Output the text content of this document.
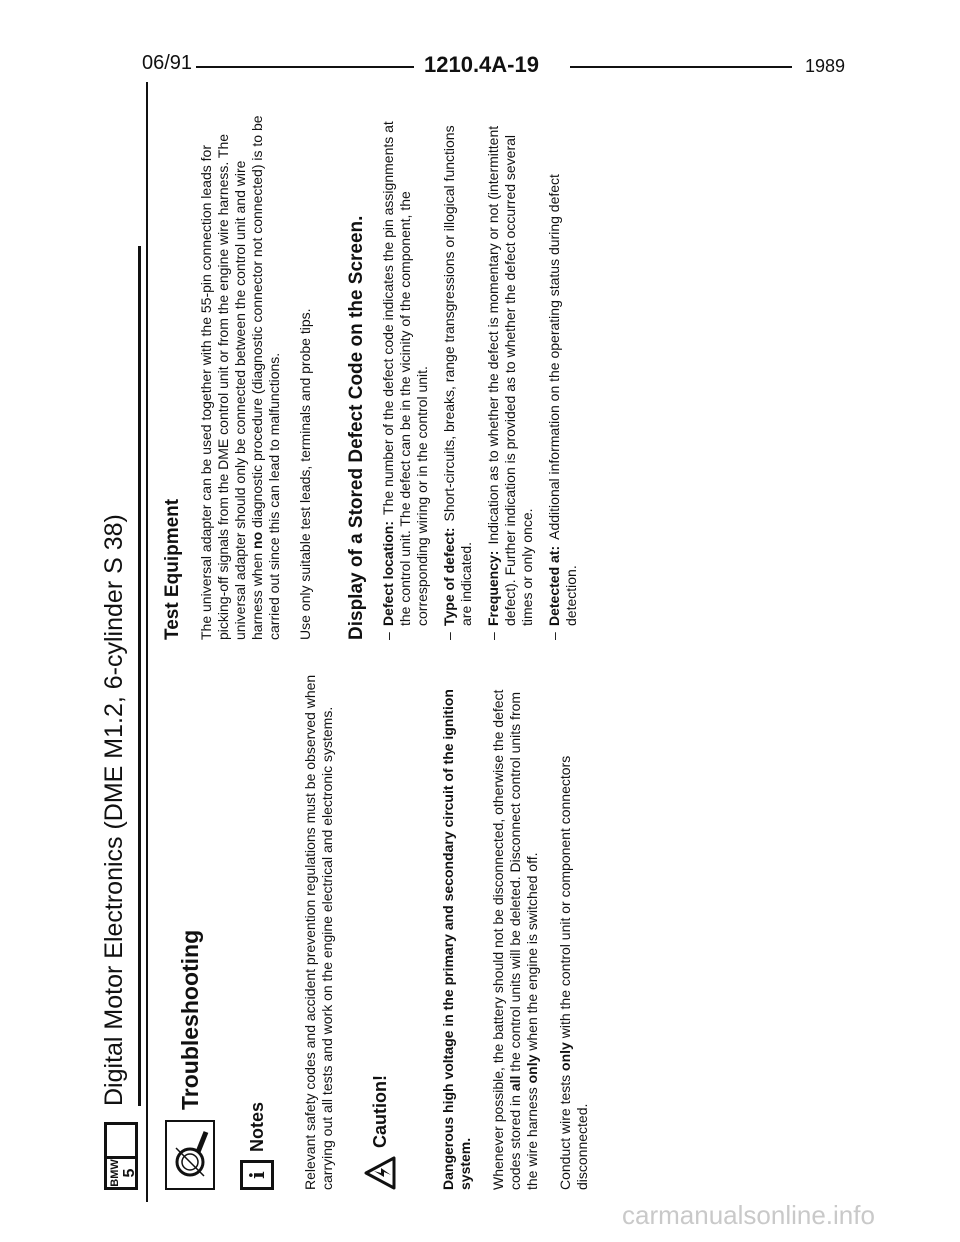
06/91	1210.4A-19	1989
BMW 5
Digital Motor Electronics (DME M1.2, 6-cylinder S 38) Troubleshooting
i
Notes	Relevant safety codes and accident prevention regulations must be observed when carrying out all tests and work on the engine electrical and electronic systems. Caution!	Dangerous high voltage in the primary and secondary circuit of the ignition system. Whenever possible, the battery should not be disconnected, otherwise the defect codes stored in all the control units will be deleted. Disconnect control units from the wire harness only when the engine is switched off.

Conduct wire tests only with the control unit or component connectors disconnected.

Test Equipment The universal adapter can be used together with the 55-pin connection leads for picking-off signals from the DME control unit or from the engine wire harness. The universal adapter should only be connected between the control unit and wire harness when no diagnostic procedure (diagnostic connector not connected) is to be carried out since this can lead to malfunctions. Use only suitable test leads, terminals and probe tips. Display of a Stored Defect Code on the Screen. –
Defect location:The number of the defect code indicates the pin assignments at the control unit. The defect can be in the vicinity of the component, the corresponding wiring or in the control unit.
–
Type of defect:Short-circuits, breaks, range transgressions or illogical functions are indicated.
–
Frequency:Indication as to whether the defect is momentary or not (intermittent defect). Further indication is provided as to whether the defect occurred several times or only once.
–
Detected at:Additional information on the operating status during defect detection.
carmanualsonline.info
